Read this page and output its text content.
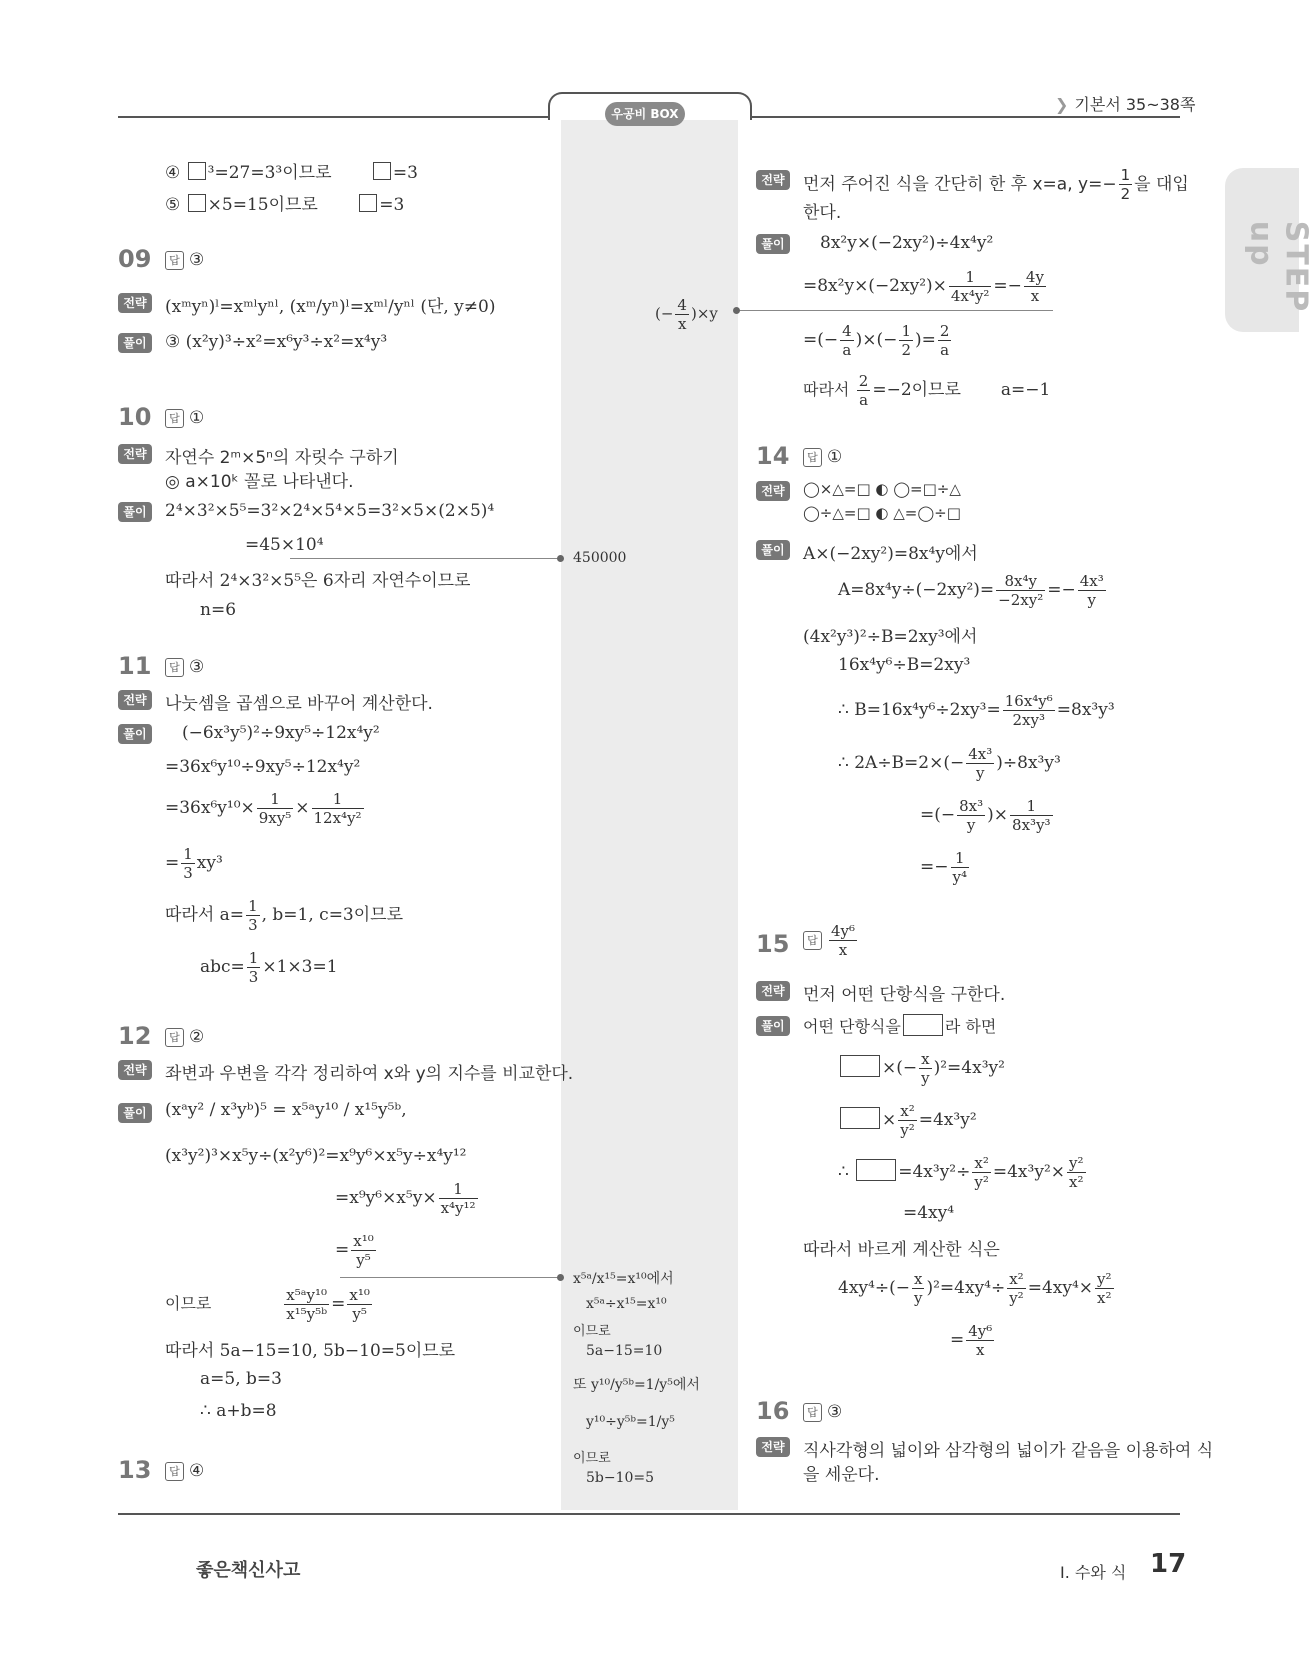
우공비 BOX	❯ 기본서 35~38쪽
STEP up
④ ³=27=3³이므로	=3
⑤ ×5=15이므로	=3
09	답 ③
전략	(xᵐyⁿ)ˡ=xᵐˡyⁿˡ, (xᵐ/yⁿ)ˡ=xᵐˡ/yⁿˡ (단, y≠0)
풀이	③ (x²y)³÷x²=x⁶y³÷x²=x⁴y³
10	답 ①
전략	자연수 2ᵐ×5ⁿ의 자릿수 구하기
◎ a×10ᵏ 꼴로 나타낸다.
풀이	2⁴×3²×5⁵=3²×2⁴×5⁴×5=3²×5×(2×5)⁴
=45×10⁴
450000
따라서 2⁴×3²×5⁵은 6자리 자연수이므로
n=6
11	답 ③
전략	나눗셈을 곱셈으로 바꾸어 계산한다.
풀이	(−6x³y⁵)²÷9xy⁵÷12x⁴y²
=36x⁶y¹⁰÷9xy⁵÷12x⁴y²
$=36x^6y^{10}\times \frac{1}{\text{9xy⁵}} \times \frac{1}{\text{12x⁴y²}}$
= $\frac{1}{3} xy^3$
따라서 $a= \frac{1}{3}$ , b=1, c=3이므로
$abc= \frac{1}{3} \times 1\times 3=1$
12	답 ②
전략	좌변과 우변을 각각 정리하여 x와 y의 지수를 비교한다.
풀이	(xᵃy² / x³yᵇ)⁵ = x⁵ᵃy¹⁰ / x¹⁵y⁵ᵇ,
(x³y²)³×x⁵y÷(x²y⁶)²=x⁹y⁶×x⁵y÷x⁴y¹²
$=x^9y^6\times x^5y\times \frac{1}{\text{x⁴y¹²}}$
= $\frac{\text{x¹⁰}}{\text{y⁵}}$
이므로	$\frac{\text{x⁵ᵃy¹⁰}}{\text{x¹⁵y⁵ᵇ}} = \frac{\text{x¹⁰}}{\text{y⁵}}$
따라서 5a−15=10, 5b−10=5이므로
a=5, b=3
∴ a+b=8
x⁵ᵃ/x¹⁵=x¹⁰에서
x⁵ᵃ÷x¹⁵=x¹⁰
이므로
5a−15=10
또 y¹⁰/y⁵ᵇ=1/y⁵에서
y¹⁰÷y⁵ᵇ=1/y⁵
이므로
5b−10=5
13	답 ④
전략	먼저 주어진 식을 간단히 한 후 x=a, $y=- \frac{1}{2}$ 을 대입
한다.
풀이	8x²y×(−2xy²)÷4x⁴y²
$=8x^2y\times(-2xy^2)\times \frac{1}{\text{4x⁴y²}} =- \frac{4y}{x}$
(− $\frac{4}{x} )\times y$
=(− $\frac{4}{a}$ )×(− $\frac{1}{2}$ )= $\frac{2}{a}$
따라서 $\frac{2}{a} =-2$이므로 a=−1
14	답 ①
전략	◯×△=□ ◐ ◯=□÷△
◯÷△=□ ◐ △=◯÷□
풀이	A×(−2xy²)=8x⁴y에서
$A=8x^4y\div(-2xy^2)= \frac{\text{8x⁴y}}{\text{−2xy²}} =- \frac{\text{4x³}}{y}$
(4x²y³)²÷B=2xy³에서
16x⁴y⁶÷B=2xy³
∴ $B=16x^4y^6\div 2xy^3= \frac{\text{16x⁴y⁶}}{\text{2xy³}} =8x^3y^3$
∴ $2A\div B=2\times(- \frac{\text{4x³}}{y} )\div 8x^3y^3$
=(− $\frac{\text{8x³}}{y}$ )× $\frac{1}{\text{8x³y³}}$
=− $\frac{1}{\text{y⁴}}$
15	답 $\frac{\text{4y⁶}}{x}$
전략	먼저 어떤 단항식을 구한다.
풀이	어떤 단항식을	라 하면
×(− $\frac{x}{y} )^2=4x^3y^2$
× $\frac{\text{x²}}{\text{y²}} =4x^3y^2$
∴	$=4x^3y^2\div \frac{\text{x²}}{\text{y²}} =4x^3y^2\times \frac{\text{y²}}{\text{x²}}$
=4xy⁴
따라서 바르게 계산한 식은
$4xy^4\div(- \frac{x}{y} )^2=4xy^4\div \frac{\text{x²}}{\text{y²}} =4xy^4\times \frac{\text{y²}}{\text{x²}}$
= $\frac{\text{4y⁶}}{x}$
16	답 ③
전략	직사각형의 넓이와 삼각형의 넓이가 같음을 이용하여 식
을 세운다.
좋은책신사고	I. 수와 식 17
